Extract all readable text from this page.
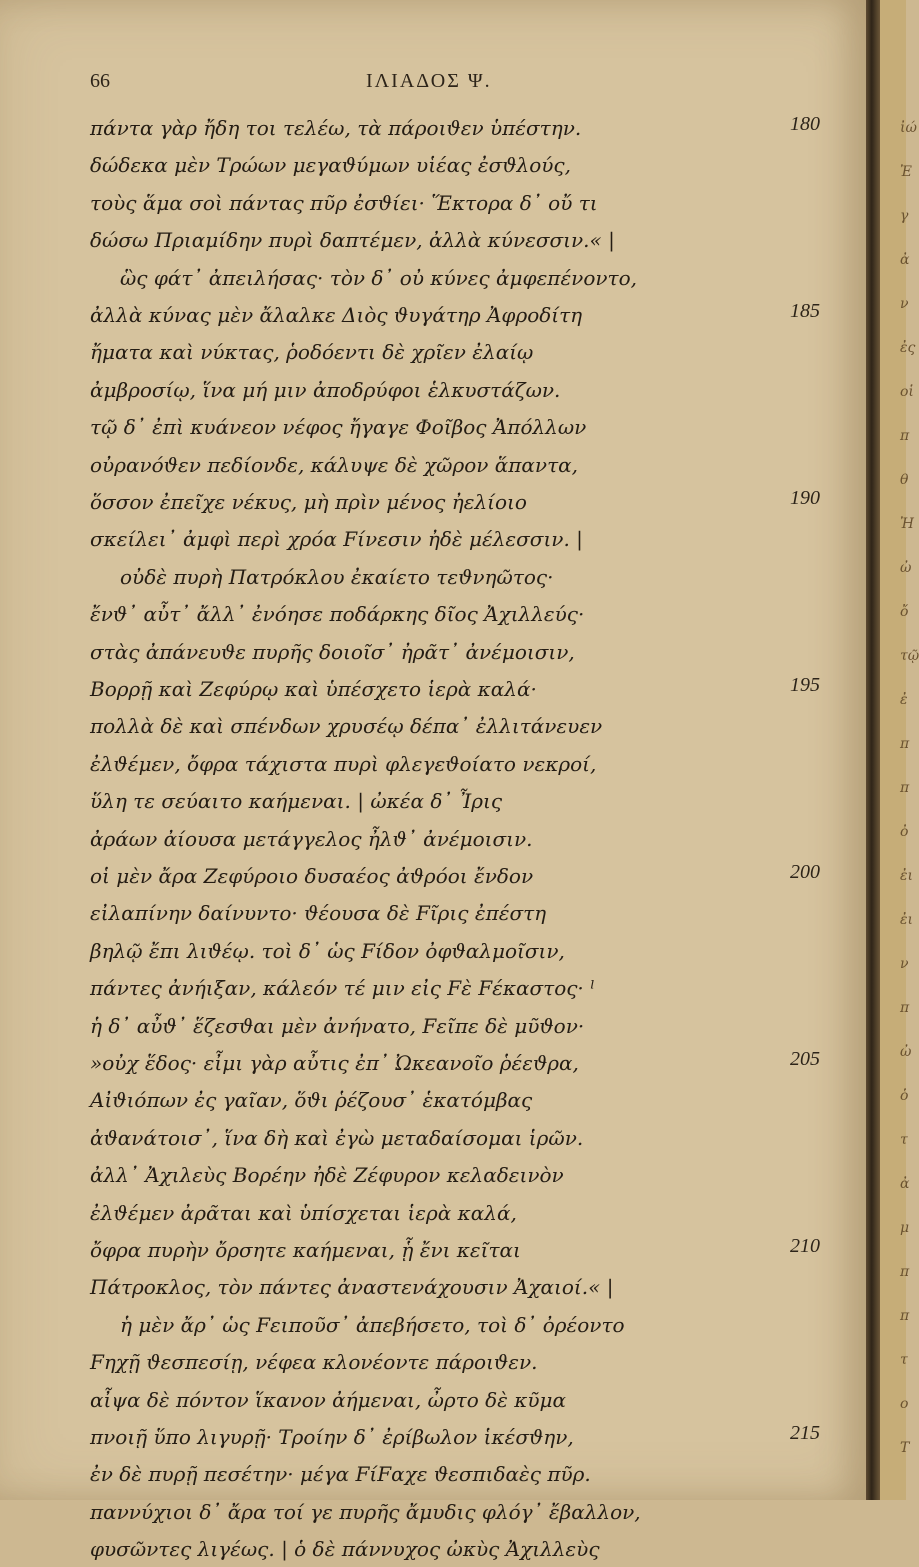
66	ΙΛΙΑΔΟΣ Ψ.
πάντα γὰρ ἤδη τοι τελέω, τὰ πάροιϑεν ὑπέστην.	180
δώδεκα μὲν Τρώων μεγαϑύμων υἱέας ἐσϑλούς,
τοὺς ἅμα σοὶ πάντας πῦρ ἐσϑίει· Ἕκτορα δ᾽ οὔ τι
δώσω Πριαμίδην πυρὶ δαπτέμεν, ἀλλὰ κύνεσσιν.« |
ὣς φάτ᾽ ἀπειλήσας· τὸν δ᾽ οὐ κύνες ἀμφεπένοντο,
ἀλλὰ κύνας μὲν ἄλαλκε Διὸς ϑυγάτηρ Ἀφροδίτη	185
ἤματα καὶ νύκτας, ῥοδόεντι δὲ χρῖεν ἐλαίῳ
ἀμβροσίῳ, ἵνα μή μιν ἀποδρύφοι ἑλκυστάζων.
τῷ δ᾽ ἐπὶ κυάνεον νέφος ἤγαγε Φοῖβος Ἀπόλλων
οὐρανόϑεν πεδίονδε, κάλυψε δὲ χῶρον ἅπαντα,
ὅσσον ἐπεῖχε νέκυς, μὴ πρὶν μένος ἠελίοιο	190
σκείλει᾽ ἀμφὶ περὶ χρόα Fίνεσιν ἠδὲ μέλεσσιν. |
οὐδὲ πυρὴ Πατρόκλου ἐκαίετο τεϑνηῶτος·
ἔνϑ᾽ αὖτ᾽ ἄλλ᾽ ἐνόησε ποδάρκης δῖος Ἀχιλλεύς·
στὰς ἀπάνευϑε πυρῆς δοιοῖσ᾽ ἠρᾶτ᾽ ἀνέμοισιν,
Βορρῇ καὶ Ζεφύρῳ καὶ ὑπέσχετο ἱερὰ καλά·	195
πολλὰ δὲ καὶ σπένδων χρυσέῳ δέπα᾽ ἐλλιτάνευεν
ἐλϑέμεν, ὄφρα τάχιστα πυρὶ φλεγεϑοίατο νεκροί,
ὕλη τε σεύαιτο καήμεναι. | ὠκέα δ᾽ Ἶρις
ἀράων ἀίουσα μετάγγελος ἦλϑ᾽ ἀνέμοισιν.
οἱ μὲν ἄρα Ζεφύροιο δυσαέος ἀϑρόοι ἔνδον	200
εἰλαπίνην δαίνυντο· ϑέουσα δὲ Fῖρις ἐπέστη
βηλῷ ἔπι λιϑέῳ. τοὶ δ᾽ ὡς Fίδον ὀφϑαλμοῖσιν,
πάντες ἀνήιξαν, κάλεόν τέ μιν εἰς Fὲ Fέκαστος· ˡ
ἡ δ᾽ αὖϑ᾽ ἕζεσϑαι μὲν ἀνήνατο, Fεῖπε δὲ μῦϑον·
»οὐχ ἕδος· εἶμι γὰρ αὖτις ἐπ᾽ Ὠκεανοῖο ῥέεϑρα,	205
Αἰϑιόπων ἐς γαῖαν, ὅϑι ῥέζουσ᾽ ἑκατόμβας
ἀϑανάτοισ᾽, ἵνα δὴ καὶ ἐγὼ μεταδαίσομαι ἱρῶν.
ἀλλ᾽ Ἀχιλεὺς Βορέην ἠδὲ Ζέφυρον κελαδεινὸν
ἐλϑέμεν ἀρᾶται καὶ ὑπίσχεται ἱερὰ καλά,
ὄφρα πυρὴν ὄρσητε καήμεναι, ᾗ ἔνι κεῖται	210
Πάτροκλος, τὸν πάντες ἀναστενάχουσιν Ἀχαιοί.« |
ἡ μὲν ἄρ᾽ ὡς Fειποῦσ᾽ ἀπεβήσετο, τοὶ δ᾽ ὀρέοντο
Fηχῇ ϑεσπεσίῃ, νέφεα κλονέοντε πάροιϑεν.
αἶψα δὲ πόντον ἵκανον ἀήμεναι, ὦρτο δὲ κῦμα
πνοιῇ ὕπο λιγυρῇ· Τροίην δ᾽ ἐρίβωλον ἱκέσϑην,	215
ἐν δὲ πυρῇ πεσέτην· μέγα FίFαχε ϑεσπιδαὲς πῦρ.
παννύχιοι δ᾽ ἄρα τοί γε πυρῆς ἄμυδις φλόγ᾽ ἔβαλλον,
φυσῶντες λιγέως. | ὁ δὲ πάννυχος ὠκὺς Ἀχιλλεὺς
ἰώ
Ἐ
γ
ἀ
ν
ἐς
οἱ
π
θ
Ἠ
ὠ
ὄ
τῷ
ἐ
π
π
ὀ
ἐι
ἐι
ν
π
ὠ
ὁ
τ
ἀ
μ
π
π
τ
ο
Τ
